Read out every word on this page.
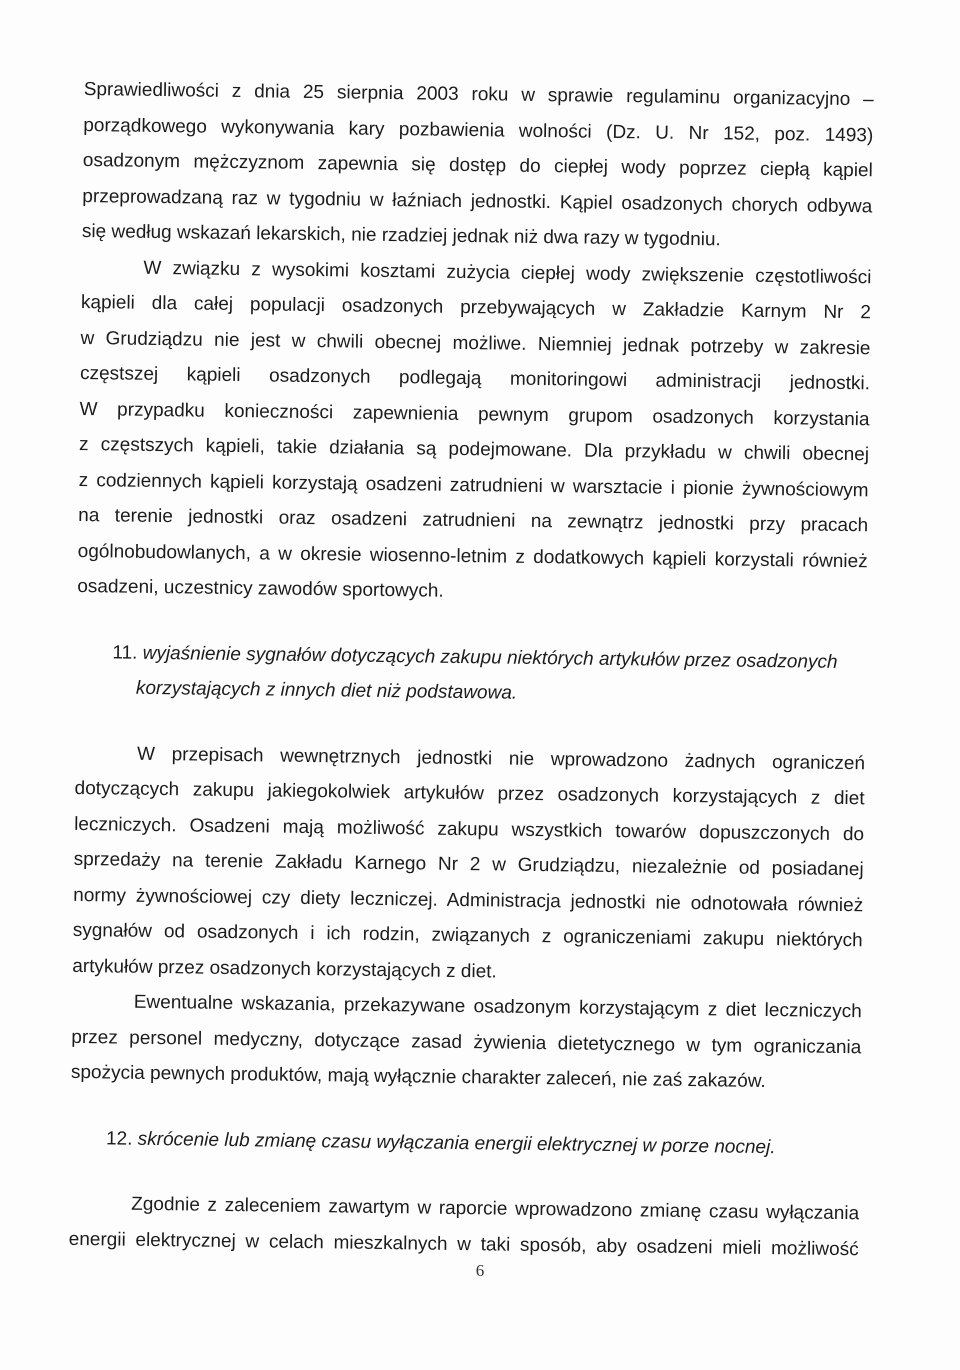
Sprawiedliwości z dnia 25 sierpnia 2003 roku w sprawie regulaminu organizacyjno –

porządkowego wykonywania kary pozbawienia wolności (Dz. U. Nr 152, poz. 1493)

osadzonym mężczyznom zapewnia się dostęp do ciepłej wody poprzez ciepłą kąpiel

przeprowadzaną raz w tygodniu w łaźniach jednostki. Kąpiel osadzonych chorych odbywa

się według wskazań lekarskich, nie rzadziej jednak niż dwa razy w tygodniu.

W związku z wysokimi kosztami zużycia ciepłej wody zwiększenie częstotliwości

kąpieli dla całej populacji osadzonych przebywających w Zakładzie Karnym Nr 2

w Grudziądzu nie jest w chwili obecnej możliwe. Niemniej jednak potrzeby w zakresie

częstszej kąpieli osadzonych podlegają monitoringowi administracji jednostki.

W przypadku konieczności zapewnienia pewnym grupom osadzonych korzystania

z częstszych kąpieli, takie działania są podejmowane. Dla przykładu w chwili obecnej

z codziennych kąpieli korzystają osadzeni zatrudnieni w warsztacie i pionie żywnościowym

na terenie jednostki oraz osadzeni zatrudnieni na zewnątrz jednostki przy pracach

ogólnobudowlanych, a w okresie wiosenno-letnim z dodatkowych kąpieli korzystali również

osadzeni, uczestnicy zawodów sportowych.

11. wyjaśnienie sygnałów dotyczących zakupu niektórych artykułów przez osadzonych

korzystających z innych diet niż podstawowa.

W przepisach wewnętrznych jednostki nie wprowadzono żadnych ograniczeń

dotyczących zakupu jakiegokolwiek artykułów przez osadzonych korzystających z diet

leczniczych. Osadzeni mają możliwość zakupu wszystkich towarów dopuszczonych do

sprzedaży na terenie Zakładu Karnego Nr 2 w Grudziądzu, niezależnie od posiadanej

normy żywnościowej czy diety leczniczej. Administracja jednostki nie odnotowała również

sygnałów od osadzonych i ich rodzin, związanych z ograniczeniami zakupu niektórych

artykułów przez osadzonych korzystających z diet.

Ewentualne wskazania, przekazywane osadzonym korzystającym z diet leczniczych

przez personel medyczny, dotyczące zasad żywienia dietetycznego w tym ograniczania

spożycia pewnych produktów, mają wyłącznie charakter zaleceń, nie zaś zakazów.

12. skrócenie lub zmianę czasu wyłączania energii elektrycznej w porze nocnej.

Zgodnie z zaleceniem zawartym w raporcie wprowadzono zmianę czasu wyłączania

energii elektrycznej w celach mieszkalnych w taki sposób, aby osadzeni mieli możliwość

6
